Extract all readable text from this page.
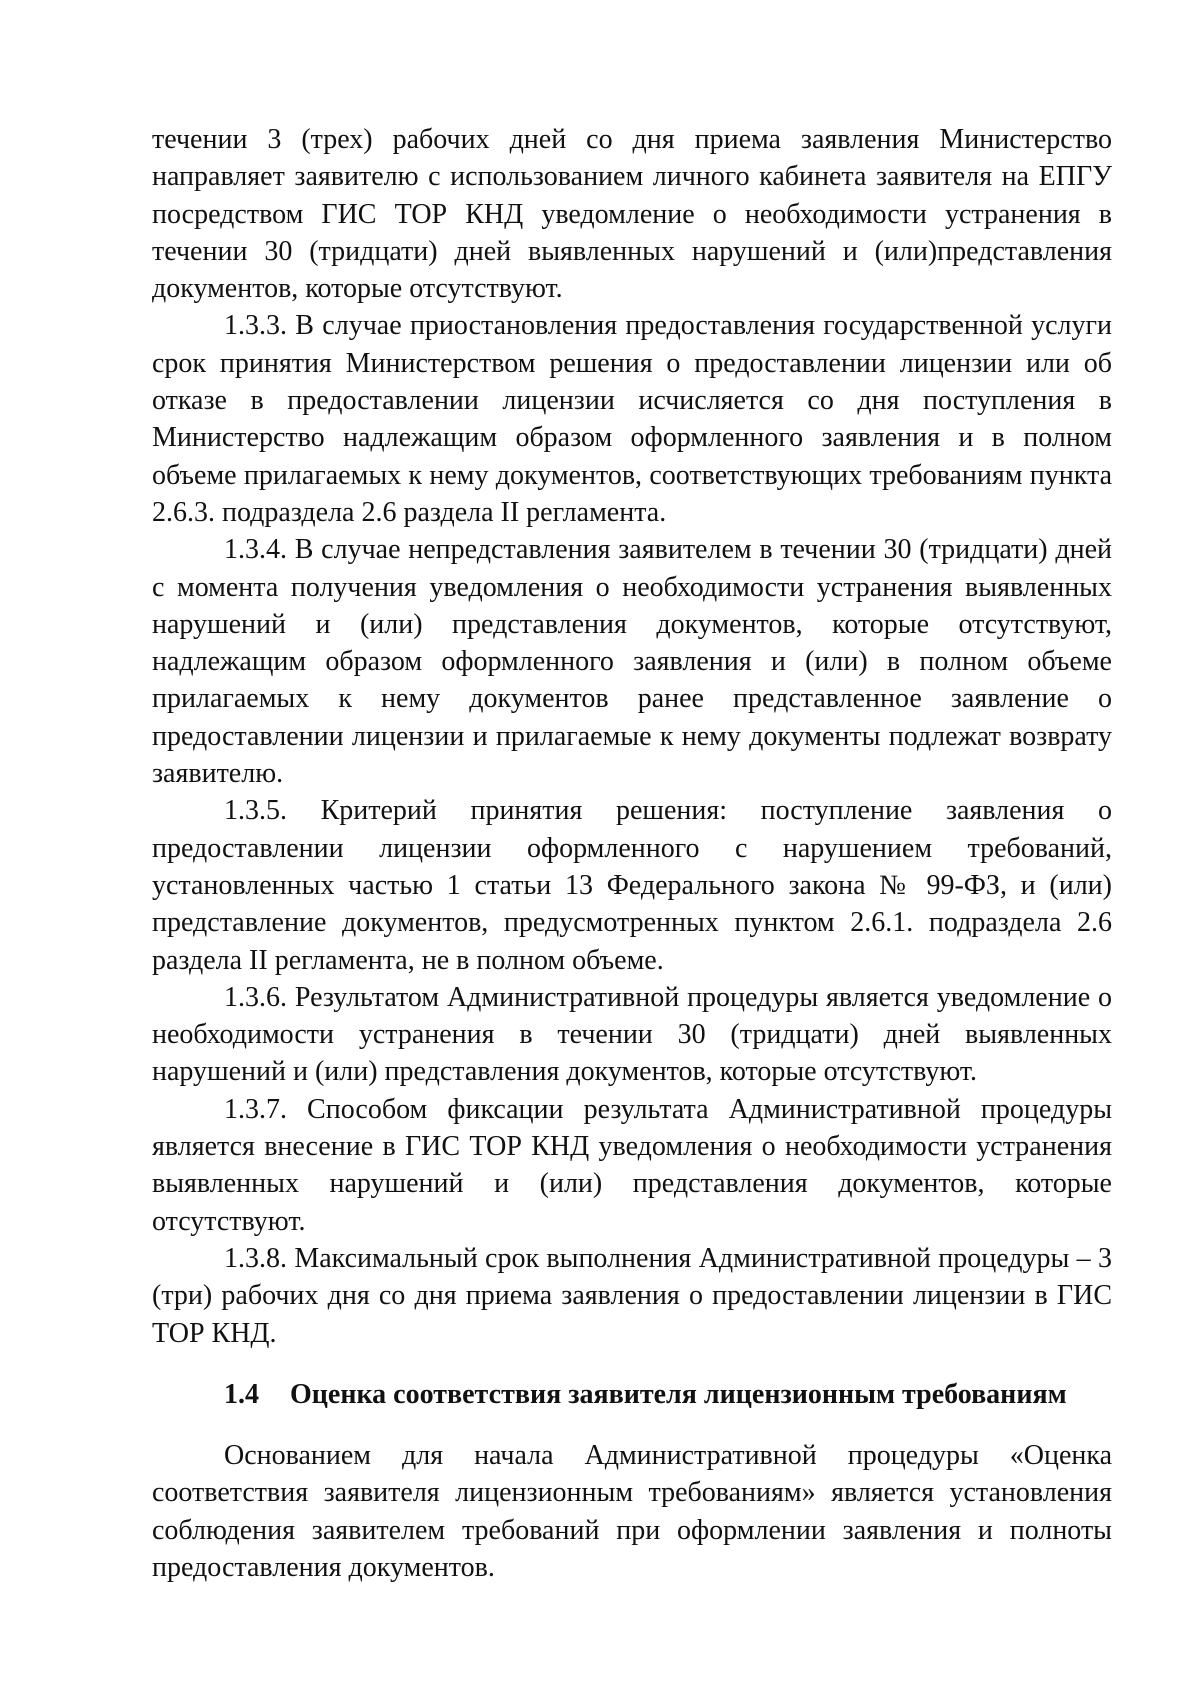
течении 3 (трех) рабочих дней со дня приема заявления Министерство направляет заявителю с использованием личного кабинета заявителя на ЕПГУ посредством ГИС ТОР КНД уведомление о необходимости устранения в течении 30 (тридцати) дней выявленных нарушений и (или)представления документов, которые отсутствуют.

1.3.3. В случае приостановления предоставления государственной услуги срок принятия Министерством решения о предоставлении лицензии или об отказе в предоставлении лицензии исчисляется со дня поступления в Министерство надлежащим образом оформленного заявления и в полном объеме прилагаемых к нему документов, соответствующих требованиям пункта 2.6.3. подраздела 2.6 раздела II регламента.

1.3.4. В случае непредставления заявителем в течении 30 (тридцати) дней с момента получения уведомления о необходимости устранения выявленных нарушений и (или) представления документов, которые отсутствуют, надлежащим образом оформленного заявления и (или) в полном объеме прилагаемых к нему документов ранее представленное заявление о предоставлении лицензии и прилагаемые к нему документы подлежат возврату заявителю.

1.3.5. Критерий принятия решения: поступление заявления о предоставлении лицензии оформленного с нарушением требований, установленных частью 1 статьи 13 Федерального закона № 99-ФЗ, и (или) представление документов, предусмотренных пунктом 2.6.1. подраздела 2.6 раздела II регламента, не в полном объеме.

1.3.6. Результатом Административной процедуры является уведомление о необходимости устранения в течении 30 (тридцати) дней выявленных нарушений и (или) представления документов, которые отсутствуют.

1.3.7. Способом фиксации результата Административной процедуры является внесение в ГИС ТОР КНД уведомления о необходимости устранения выявленных нарушений и (или) представления документов, которые отсутствуют.

1.3.8. Максимальный срок выполнения Административной процедуры – 3 (три) рабочих дня со дня приема заявления о предоставлении лицензии в ГИС ТОР КНД.

1.4 Оценка соответствия заявителя лицензионным требованиям

Основанием для начала Административной процедуры «Оценка соответствия заявителя лицензионным требованиям» является установления соблюдения заявителем требований при оформлении заявления и полноты предоставления документов.
